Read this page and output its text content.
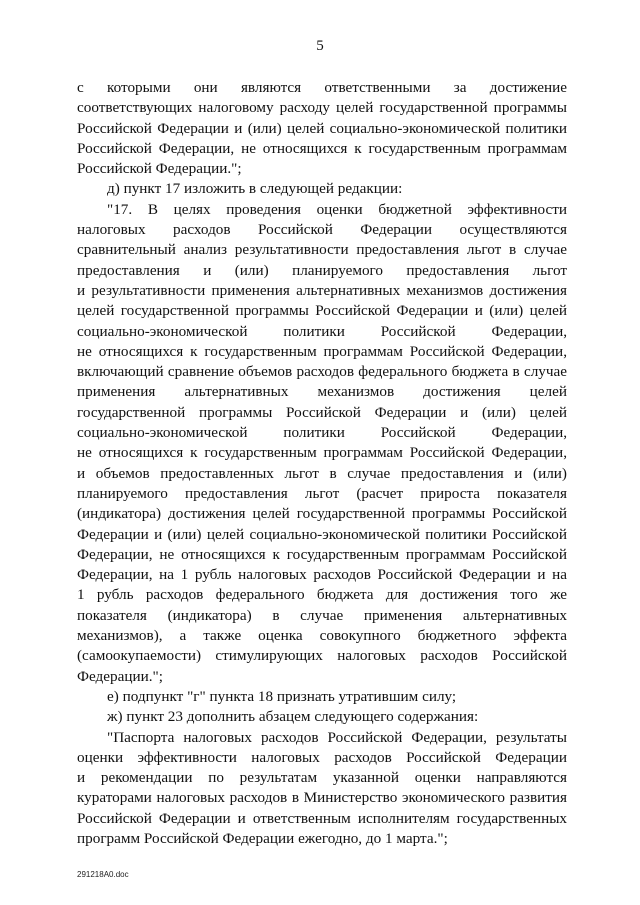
5
с которыми они являются ответственными за достижение
соответствующих налоговому расходу целей государственной программы
Российской Федерации и (или) целей социально-экономической политики
Российской Федерации, не относящихся к государственным программам
Российской Федерации.";
д) пункт 17 изложить в следующей редакции:
"17. В целях проведения оценки бюджетной эффективности
налоговых расходов Российской Федерации осуществляются
сравнительный анализ результативности предоставления льгот в случае
предоставления и (или) планируемого предоставления льгот
и результативности применения альтернативных механизмов достижения
целей государственной программы Российской Федерации и (или) целей
социально-экономической политики Российской Федерации,
не относящихся к государственным программам Российской Федерации,
включающий сравнение объемов расходов федерального бюджета в случае
применения альтернативных механизмов достижения целей
государственной программы Российской Федерации и (или) целей
социально-экономической политики Российской Федерации,
не относящихся к государственным программам Российской Федерации,
и объемов предоставленных льгот в случае предоставления и (или)
планируемого предоставления льгот (расчет прироста показателя
(индикатора) достижения целей государственной программы Российской
Федерации и (или) целей социально-экономической политики Российской
Федерации, не относящихся к государственным программам Российской
Федерации, на 1 рубль налоговых расходов Российской Федерации и на
1 рубль расходов федерального бюджета для достижения того же
показателя (индикатора) в случае применения альтернативных
механизмов), а также оценка совокупного бюджетного эффекта
(самоокупаемости) стимулирующих налоговых расходов Российской
Федерации.";
е) подпункт "г" пункта 18 признать утратившим силу;
ж) пункт 23 дополнить абзацем следующего содержания:
"Паспорта налоговых расходов Российской Федерации, результаты
оценки эффективности налоговых расходов Российской Федерации
и рекомендации по результатам указанной оценки направляются
кураторами налоговых расходов в Министерство экономического развития
Российской Федерации и ответственным исполнителям государственных
программ Российской Федерации ежегодно, до 1 марта.";
291218A0.doc
